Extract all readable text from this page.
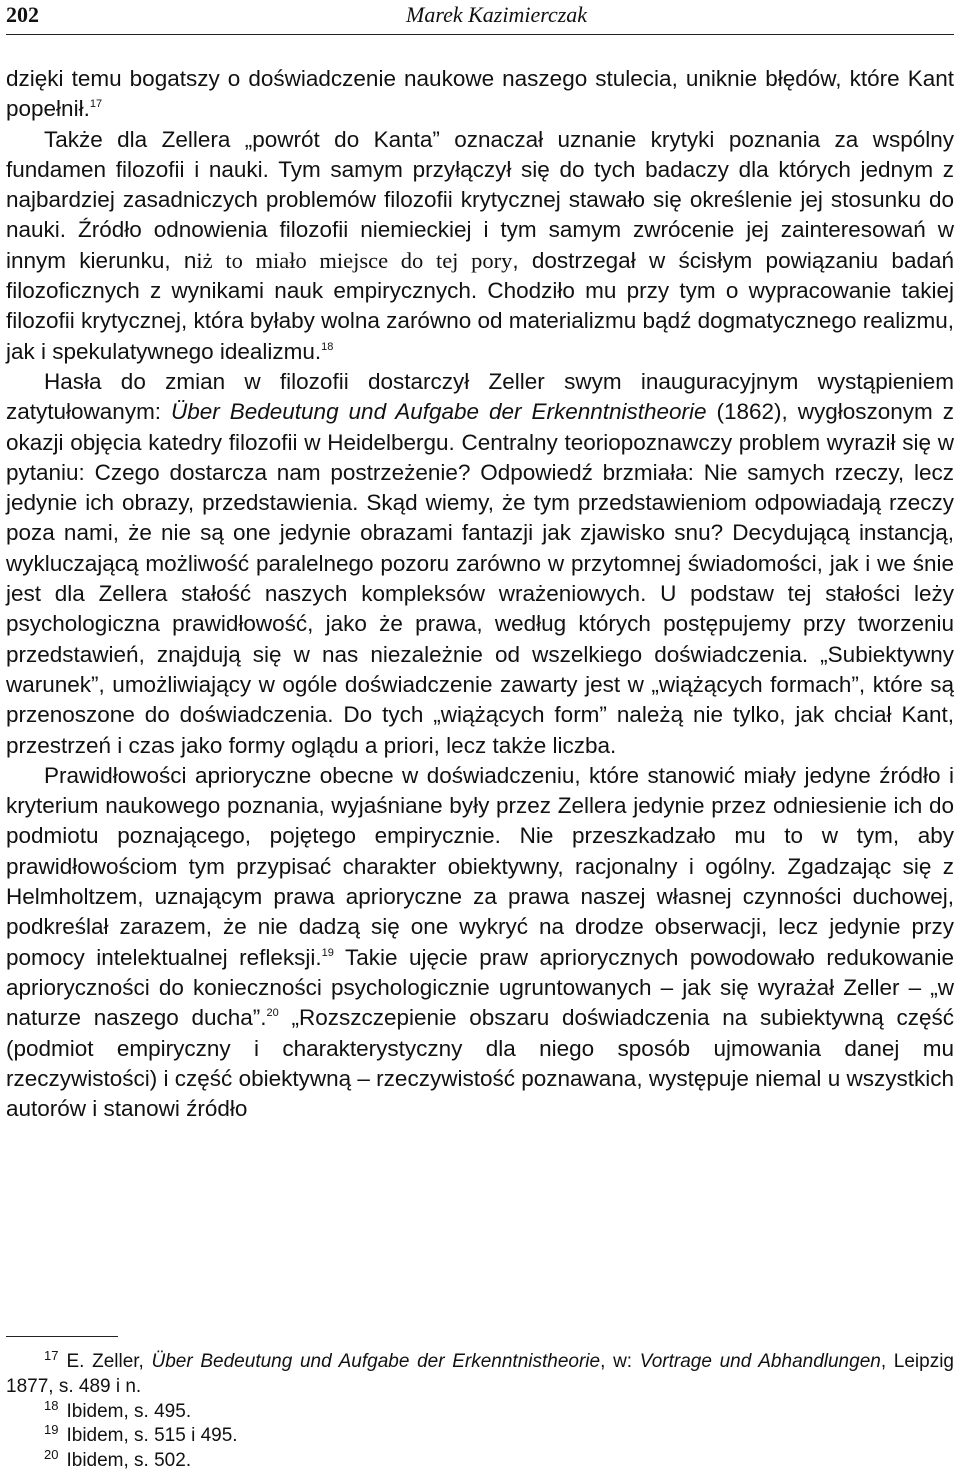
202	Marek Kazimierczak

dzięki temu bogatszy o doświadczenie naukowe naszego stulecia, uniknie błędów, które Kant popełnił.$^{17}$

Także dla Zellera „powrót do Kanta” oznaczał uznanie krytyki poznania za wspólny fundamen filozofii i nauki. Tym samym przyłączył się do tych badaczy dla których jednym z najbardziej zasadniczych problemów filozofii krytycznej stawało się określenie jej stosunku do nauki. Źródło odnowienia filozofii niemieckiej i tym samym zwrócenie jej zainteresowań w innym kierunku, niż to miało miejsce do tej pory, dostrzegał w ścisłym powiązaniu badań filozoficznych z wynikami nauk empirycznych. Chodziło mu przy tym o wypracowanie takiej filozofii krytycznej, która byłaby wolna zarówno od materializmu bądź dogmatycznego realizmu, jak i spekulatywnego idealizmu.$^{18}$

Hasła do zmian w filozofii dostarczył Zeller swym inauguracyjnym wystąpieniem zatytułowanym: Über Bedeutung und Aufgabe der Erkenntnistheorie (1862), wygłoszonym z okazji objęcia katedry filozofii w Heidelbergu. Centralny teoriopoznawczy problem wyraził się w pytaniu: Czego dostarcza nam postrzeżenie? Odpowiedź brzmiała: Nie samych rzeczy, lecz jedynie ich obrazy, przedstawienia. Skąd wiemy, że tym przedstawieniom odpowiadają rzeczy poza nami, że nie są one jedynie obrazami fantazji jak zjawisko snu? Decydującą instancją, wykluczającą możliwość paralelnego pozoru zarówno w przytomnej świadomości, jak i we śnie jest dla Zellera stałość naszych kompleksów wrażeniowych. U podstaw tej stałości leży psychologiczna prawidłowość, jako że prawa, według których postępujemy przy tworzeniu przedstawień, znajdują się w nas niezależnie od wszelkiego doświadczenia. „Subiektywny warunek”, umożliwiający w ogóle doświadczenie zawarty jest w „wiążących formach”, które są przenoszone do doświadczenia. Do tych „wiążących form” należą nie tylko, jak chciał Kant, przestrzeń i czas jako formy oglądu a priori, lecz także liczba.

Prawidłowości aprioryczne obecne w doświadczeniu, które stanowić miały jedyne źródło i kryterium naukowego poznania, wyjaśniane były przez Zellera jedynie przez odniesienie ich do podmiotu poznającego, pojętego empirycznie. Nie przeszkadzało mu to w tym, aby prawidłowościom tym przypisać charakter obiektywny, racjonalny i ogólny. Zgadzając się z Helmholtzem, uznającym prawa aprioryczne za prawa naszej własnej czynności duchowej, podkreślał zarazem, że nie dadzą się one wykryć na drodze obserwacji, lecz jedynie przy pomocy intelektualnej refleksji.$^{19}$ Takie ujęcie praw apriorycznych powodowało redukowanie aprioryczności do konieczności psychologicznie ugruntowanych – jak się wyrażał Zeller – „w naturze naszego ducha”.$^{20}$ „Rozszczepienie obszaru doświadczenia na subiektywną część (podmiot empiryczny i charakterystyczny dla niego sposób ujmowania danej mu rzeczywistości) i część obiektywną – rzeczywistość poznawana, występuje niemal u wszystkich autorów i stanowi źródło

$^{17}$ E. Zeller, Über Bedeutung und Aufgabe der Erkenntnistheorie, w: Vortrage und Abhandlungen, Leipzig 1877, s. 489 i n.

$^{18}$ Ibidem, s. 495.

$^{19}$ Ibidem, s. 515 i 495.

$^{20}$ Ibidem, s. 502.
